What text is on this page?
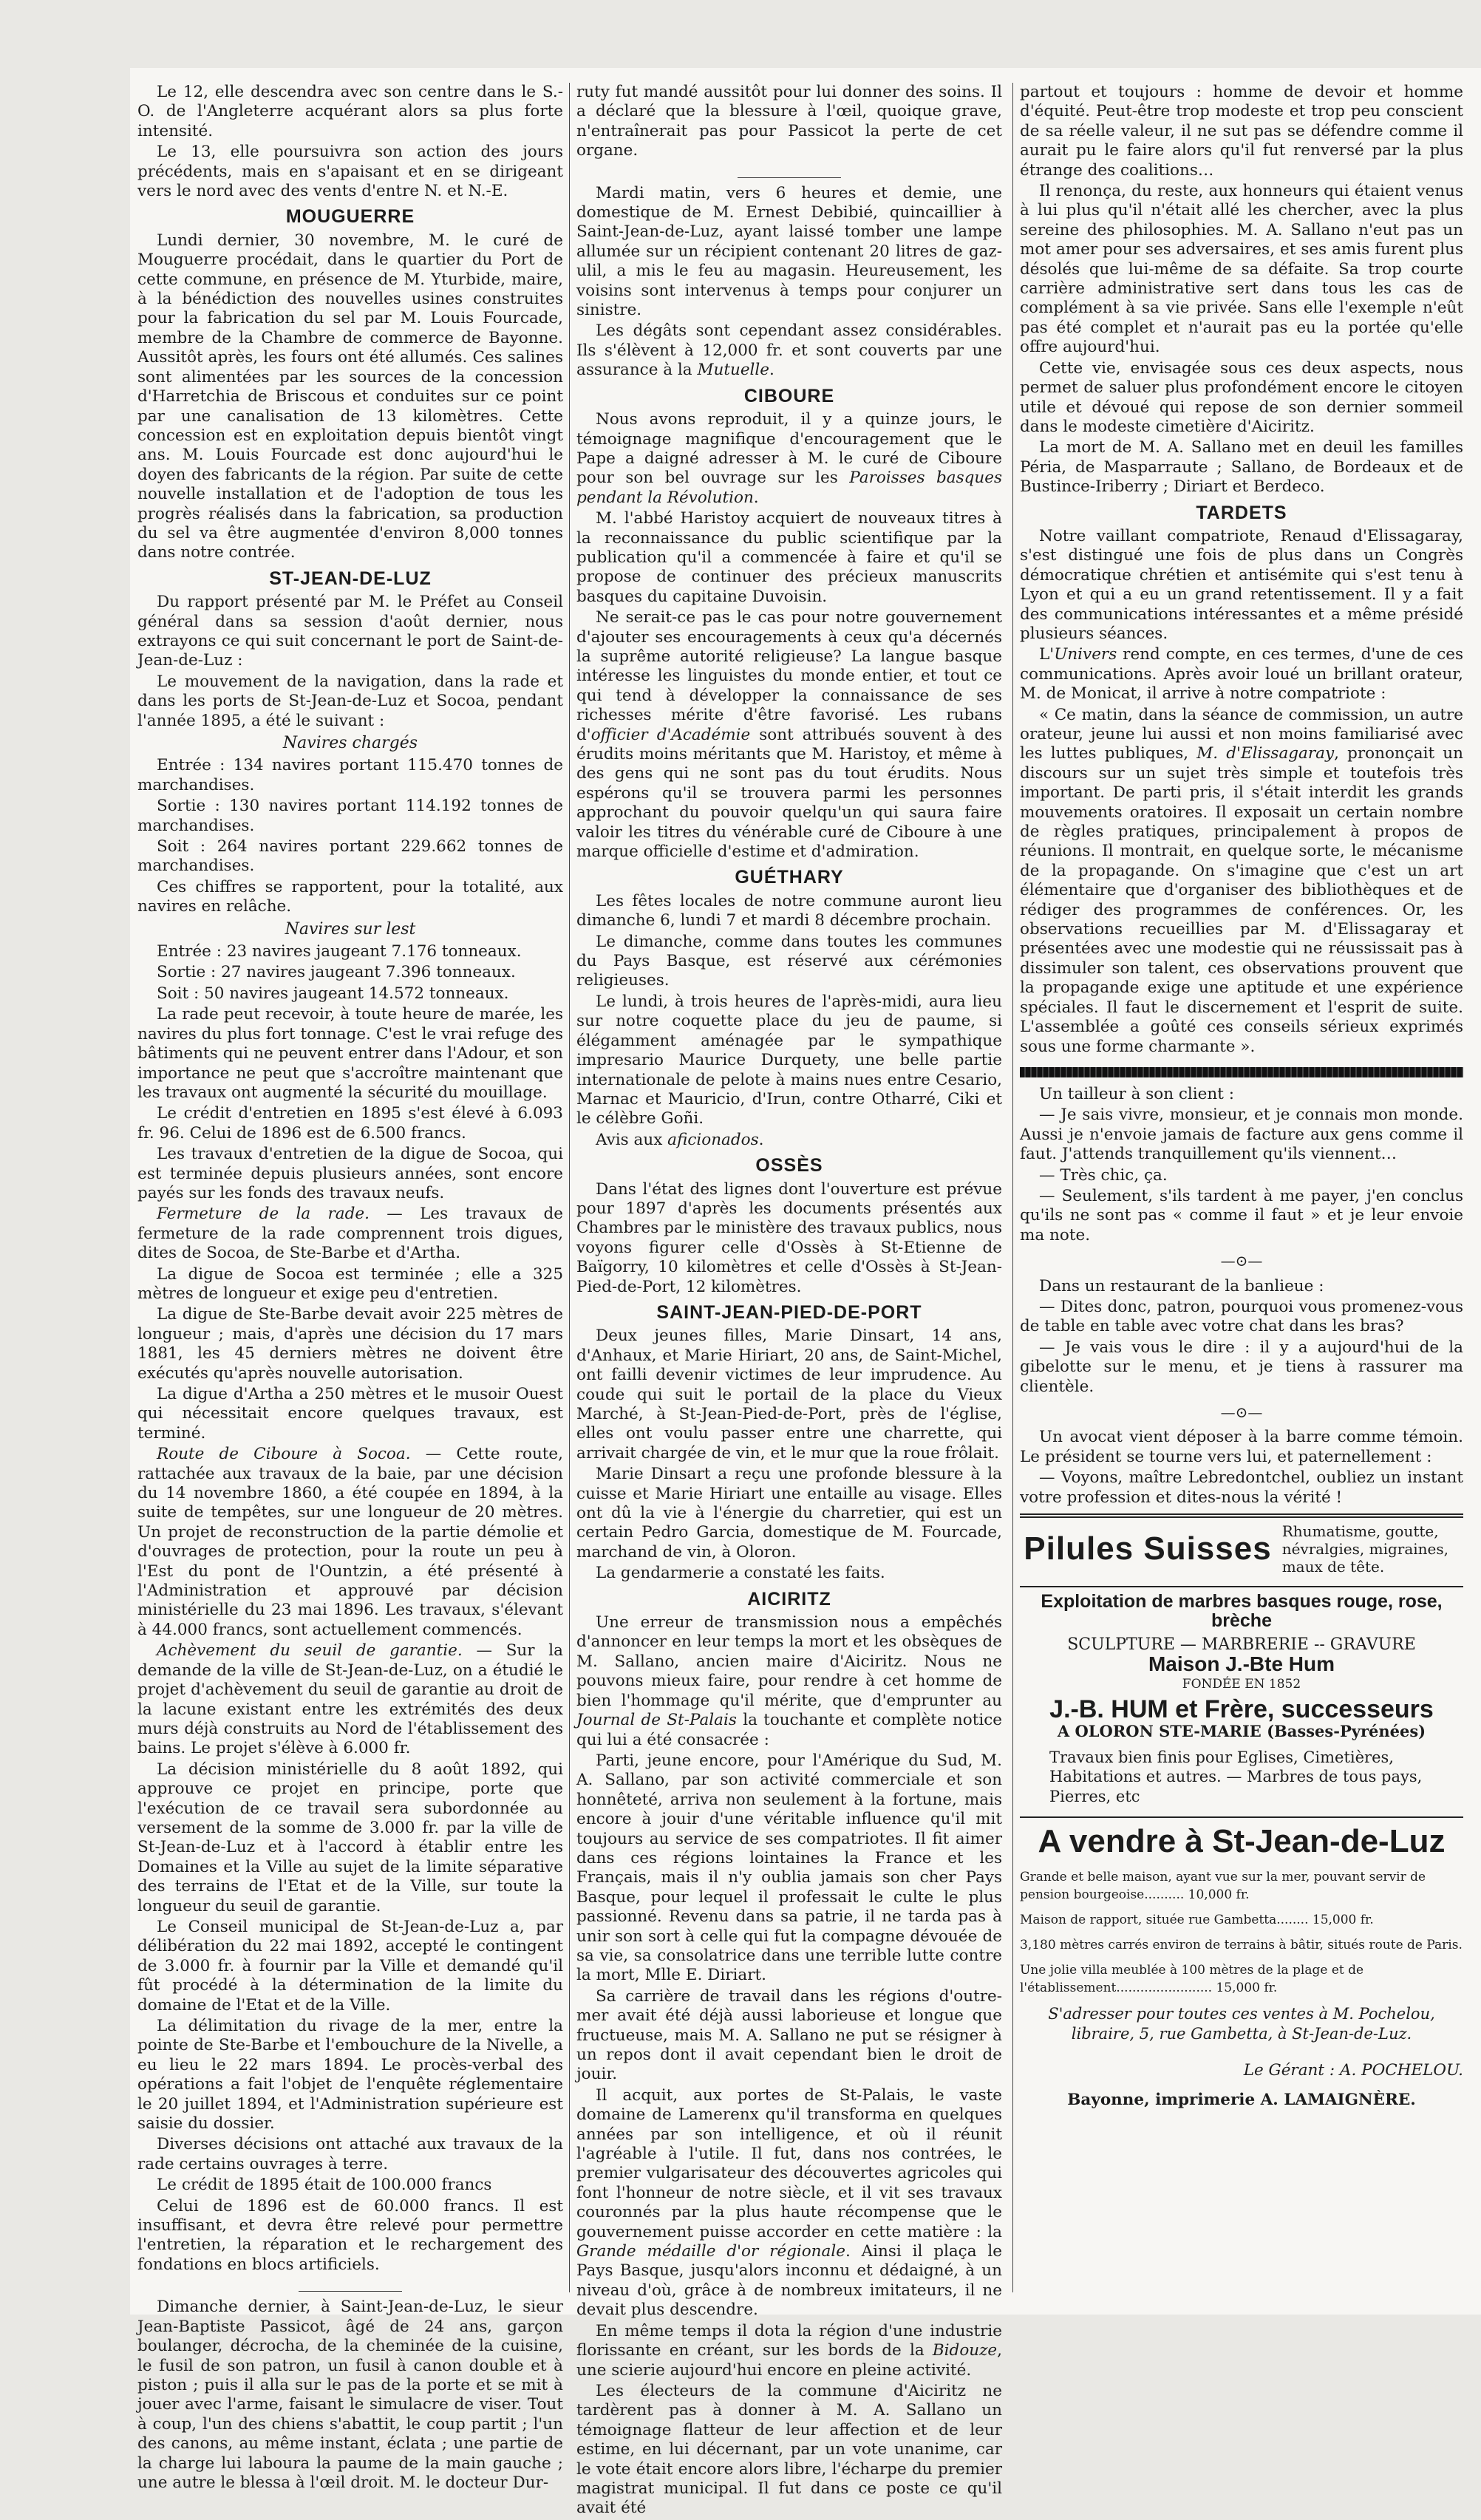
Le 12, elle descendra avec son centre dans le S.-O. de l'Angleterre acquérant alors sa plus forte intensité.

Le 13, elle poursuivra son action des jours précédents, mais en s'apaisant et en se dirigeant vers le nord avec des vents d'entre N. et N.-E.

MOUGUERRE

Lundi dernier, 30 novembre, M. le curé de Mouguerre procédait, dans le quartier du Port de cette commune, en présence de M. Yturbide, maire, à la bénédiction des nouvelles usines construites pour la fabrication du sel par M. Louis Fourcade, membre de la Chambre de commerce de Bayonne. Aussitôt après, les fours ont été allumés. Ces salines sont alimentées par les sources de la concession d'Harretchia de Briscous et conduites sur ce point par une canalisation de 13 kilomètres. Cette concession est en exploitation depuis bientôt vingt ans. M. Louis Fourcade est donc aujourd'hui le doyen des fabricants de la région. Par suite de cette nouvelle installation et de l'adoption de tous les progrès réalisés dans la fabrication, sa production du sel va être augmentée d'environ 8,000 tonnes dans notre contrée.

ST-JEAN-DE-LUZ

Du rapport présenté par M. le Préfet au Conseil général dans sa session d'août dernier, nous extrayons ce qui suit concernant le port de Saint-de-Jean-de-Luz :

Le mouvement de la navigation, dans la rade et dans les ports de St-Jean-de-Luz et Socoa, pendant l'année 1895, a été le suivant :

Navires chargés

Entrée : 134 navires portant 115.470 tonnes de marchandises.

Sortie : 130 navires portant 114.192 tonnes de marchandises.

Soit : 264 navires portant 229.662 tonnes de marchandises.

Ces chiffres se rapportent, pour la totalité, aux navires en relâche.

Navires sur lest

Entrée : 23 navires jaugeant 7.176 tonneaux.

Sortie : 27 navires jaugeant 7.396 tonneaux.

Soit : 50 navires jaugeant 14.572 tonneaux.

La rade peut recevoir, à toute heure de marée, les navires du plus fort tonnage. C'est le vrai refuge des bâtiments qui ne peuvent entrer dans l'Adour, et son importance ne peut que s'accroître maintenant que les travaux ont augmenté la sécurité du mouillage.

Le crédit d'entretien en 1895 s'est élevé à 6.093 fr. 96. Celui de 1896 est de 6.500 francs.

Les travaux d'entretien de la digue de Socoa, qui est terminée depuis plusieurs années, sont encore payés sur les fonds des travaux neufs.

Fermeture de la rade. — Les travaux de fermeture de la rade comprennent trois digues, dites de Socoa, de Ste-Barbe et d'Artha.

La digue de Socoa est terminée ; elle a 325 mètres de longueur et exige peu d'entretien.

La digue de Ste-Barbe devait avoir 225 mètres de longueur ; mais, d'après une décision du 17 mars 1881, les 45 derniers mètres ne doivent être exécutés qu'après nouvelle autorisation.

La digue d'Artha a 250 mètres et le musoir Ouest qui nécessitait encore quelques travaux, est terminé.

Route de Ciboure à Socoa. — Cette route, rattachée aux travaux de la baie, par une décision du 14 novembre 1860, a été coupée en 1894, à la suite de tempêtes, sur une longueur de 20 mètres. Un projet de reconstruction de la partie démolie et d'ouvrages de protection, pour la route un peu à l'Est du pont de l'Ountzin, a été présenté à l'Administration et approuvé par décision ministérielle du 23 mai 1896. Les travaux, s'élevant à 44.000 francs, sont actuellement commencés.

Achèvement du seuil de garantie. — Sur la demande de la ville de St-Jean-de-Luz, on a étudié le projet d'achèvement du seuil de garantie au droit de la lacune existant entre les extrémités des deux murs déjà construits au Nord de l'établissement des bains. Le projet s'élève à 6.000 fr.

La décision ministérielle du 8 août 1892, qui approuve ce projet en principe, porte que l'exécution de ce travail sera subordonnée au versement de la somme de 3.000 fr. par la ville de St-Jean-de-Luz et à l'accord à établir entre les Domaines et la Ville au sujet de la limite séparative des terrains de l'Etat et de la Ville, sur toute la longueur du seuil de garantie.

Le Conseil municipal de St-Jean-de-Luz a, par délibération du 22 mai 1892, accepté le contingent de 3.000 fr. à fournir par la Ville et demandé qu'il fût procédé à la détermination de la limite du domaine de l'Etat et de la Ville.

La délimitation du rivage de la mer, entre la pointe de Ste-Barbe et l'embouchure de la Nivelle, a eu lieu le 22 mars 1894. Le procès-verbal des opérations a fait l'objet de l'enquête réglementaire le 20 juillet 1894, et l'Administration supérieure est saisie du dossier.

Diverses décisions ont attaché aux travaux de la rade certains ouvrages à terre.

Le crédit de 1895 était de 100.000 francs

Celui de 1896 est de 60.000 francs. Il est insuffisant, et devra être relevé pour permettre l'entretien, la réparation et le rechargement des fondations en blocs artificiels.

Dimanche dernier, à Saint-Jean-de-Luz, le sieur Jean-Baptiste Passicot, âgé de 24 ans, garçon boulanger, décrocha, de la cheminée de la cuisine, le fusil de son patron, un fusil à canon double et à piston ; puis il alla sur le pas de la porte et se mit à jouer avec l'arme, faisant le simulacre de viser. Tout à coup, l'un des chiens s'abattit, le coup partit ; l'un des canons, au même instant, éclata ; une partie de la charge lui laboura la paume de la main gauche ; une autre le blessa à l'œil droit. M. le docteur Dur-

ruty fut mandé aussitôt pour lui donner des soins. Il a déclaré que la blessure à l'œil, quoique grave, n'entraînerait pas pour Passicot la perte de cet organe.

Mardi matin, vers 6 heures et demie, une domestique de M. Ernest Debibié, quincaillier à Saint-Jean-de-Luz, ayant laissé tomber une lampe allumée sur un récipient contenant 20 litres de gaz-ulil, a mis le feu au magasin. Heureusement, les voisins sont intervenus à temps pour conjurer un sinistre.

Les dégâts sont cependant assez considérables. Ils s'élèvent à 12,000 fr. et sont couverts par une assurance à la Mutuelle.

CIBOURE

Nous avons reproduit, il y a quinze jours, le témoignage magnifique d'encouragement que le Pape a daigné adresser à M. le curé de Ciboure pour son bel ouvrage sur les Paroisses basques pendant la Révolution.

M. l'abbé Haristoy acquiert de nouveaux titres à la reconnaissance du public scientifique par la publication qu'il a commencée à faire et qu'il se propose de continuer des précieux manuscrits basques du capitaine Duvoisin.

Ne serait-ce pas le cas pour notre gouvernement d'ajouter ses encouragements à ceux qu'a décernés la suprême autorité religieuse? La langue basque intéresse les linguistes du monde entier, et tout ce qui tend à développer la connaissance de ses richesses mérite d'être favorisé. Les rubans d'officier d'Académie sont attribués souvent à des érudits moins méritants que M. Haristoy, et même à des gens qui ne sont pas du tout érudits. Nous espérons qu'il se trouvera parmi les personnes approchant du pouvoir quelqu'un qui saura faire valoir les titres du vénérable curé de Ciboure à une marque officielle d'estime et d'admiration.

GUÉTHARY

Les fêtes locales de notre commune auront lieu dimanche 6, lundi 7 et mardi 8 décembre prochain.

Le dimanche, comme dans toutes les communes du Pays Basque, est réservé aux cérémonies religieuses.

Le lundi, à trois heures de l'après-midi, aura lieu sur notre coquette place du jeu de paume, si élégamment aménagée par le sympathique impresario Maurice Durquety, une belle partie internationale de pelote à mains nues entre Cesario, Marnac et Mauricio, d'Irun, contre Otharré, Ciki et le célèbre Goñi.

Avis aux aficionados.

OSSÈS

Dans l'état des lignes dont l'ouverture est prévue pour 1897 d'après les documents présentés aux Chambres par le ministère des travaux publics, nous voyons figurer celle d'Ossès à St-Etienne de Baïgorry, 10 kilomètres et celle d'Ossès à St-Jean-Pied-de-Port, 12 kilomètres.

SAINT-JEAN-PIED-DE-PORT

Deux jeunes filles, Marie Dinsart, 14 ans, d'Anhaux, et Marie Hiriart, 20 ans, de Saint-Michel, ont failli devenir victimes de leur imprudence. Au coude qui suit le portail de la place du Vieux Marché, à St-Jean-Pied-de-Port, près de l'église, elles ont voulu passer entre une charrette, qui arrivait chargée de vin, et le mur que la roue frôlait.

Marie Dinsart a reçu une profonde blessure à la cuisse et Marie Hiriart une entaille au visage. Elles ont dû la vie à l'énergie du charretier, qui est un certain Pedro Garcia, domestique de M. Fourcade, marchand de vin, à Oloron.

La gendarmerie a constaté les faits.

AICIRITZ

Une erreur de transmission nous a empêchés d'annoncer en leur temps la mort et les obsèques de M. Sallano, ancien maire d'Aiciritz. Nous ne pouvons mieux faire, pour rendre à cet homme de bien l'hommage qu'il mérite, que d'emprunter au Journal de St-Palais la touchante et complète notice qui lui a été consacrée :

Parti, jeune encore, pour l'Amérique du Sud, M. A. Sallano, par son activité commerciale et son honnêteté, arriva non seulement à la fortune, mais encore à jouir d'une véritable influence qu'il mit toujours au service de ses compatriotes. Il fit aimer dans ces régions lointaines la France et les Français, mais il n'y oublia jamais son cher Pays Basque, pour lequel il professait le culte le plus passionné. Revenu dans sa patrie, il ne tarda pas à unir son sort à celle qui fut la compagne dévouée de sa vie, sa consolatrice dans une terrible lutte contre la mort, Mlle E. Diriart.

Sa carrière de travail dans les régions d'outre-mer avait été déjà aussi laborieuse et longue que fructueuse, mais M. A. Sallano ne put se résigner à un repos dont il avait cependant bien le droit de jouir.

Il acquit, aux portes de St-Palais, le vaste domaine de Lamerenx qu'il transforma en quelques années par son intelligence, et où il réunit l'agréable à l'utile. Il fut, dans nos contrées, le premier vulgarisateur des découvertes agricoles qui font l'honneur de notre siècle, et il vit ses travaux couronnés par la plus haute récompense que le gouvernement puisse accorder en cette matière : la Grande médaille d'or régionale. Ainsi il plaça le Pays Basque, jusqu'alors inconnu et dédaigné, à un niveau d'où, grâce à de nombreux imitateurs, il ne devait plus descendre.

En même temps il dota la région d'une industrie florissante en créant, sur les bords de la Bidouze, une scierie aujourd'hui encore en pleine activité.

Les électeurs de la commune d'Aiciritz ne tardèrent pas à donner à M. A. Sallano un témoignage flatteur de leur affection et de leur estime, en lui décernant, par un vote unanime, car le vote était encore alors libre, l'écharpe du premier magistrat municipal. Il fut dans ce poste ce qu'il avait été

partout et toujours : homme de devoir et homme d'équité. Peut-être trop modeste et trop peu conscient de sa réelle valeur, il ne sut pas se défendre comme il aurait pu le faire alors qu'il fut renversé par la plus étrange des coalitions…

Il renonça, du reste, aux honneurs qui étaient venus à lui plus qu'il n'était allé les chercher, avec la plus sereine des philosophies. M. A. Sallano n'eut pas un mot amer pour ses adversaires, et ses amis furent plus désolés que lui-même de sa défaite. Sa trop courte carrière administrative sert dans tous les cas de complément à sa vie privée. Sans elle l'exemple n'eût pas été complet et n'aurait pas eu la portée qu'elle offre aujourd'hui.

Cette vie, envisagée sous ces deux aspects, nous permet de saluer plus profondément encore le citoyen utile et dévoué qui repose de son dernier sommeil dans le modeste cimetière d'Aiciritz.

La mort de M. A. Sallano met en deuil les familles Péria, de Masparraute ; Sallano, de Bordeaux et de Bustince-Iriberry ; Diriart et Berdeco.

TARDETS

Notre vaillant compatriote, Renaud d'Elissagaray, s'est distingué une fois de plus dans un Congrès démocratique chrétien et antisémite qui s'est tenu à Lyon et qui a eu un grand retentissement. Il y a fait des communications intéressantes et a même présidé plusieurs séances.

L'Univers rend compte, en ces termes, d'une de ces communications. Après avoir loué un brillant orateur, M. de Monicat, il arrive à notre compatriote :

« Ce matin, dans la séance de commission, un autre orateur, jeune lui aussi et non moins familiarisé avec les luttes publiques, M. d'Elissagaray, prononçait un discours sur un sujet très simple et toutefois très important. De parti pris, il s'était interdit les grands mouvements oratoires. Il exposait un certain nombre de règles pratiques, principalement à propos de réunions. Il montrait, en quelque sorte, le mécanisme de la propagande. On s'imagine que c'est un art élémentaire que d'organiser des bibliothèques et de rédiger des programmes de conférences. Or, les observations recueillies par M. d'Elissagaray et présentées avec une modestie qui ne réussissait pas à dissimuler son talent, ces observations prouvent que la propagande exige une aptitude et une expérience spéciales. Il faut le discernement et l'esprit de suite. L'assemblée a goûté ces conseils sérieux exprimés sous une forme charmante ».

Un tailleur à son client :

— Je sais vivre, monsieur, et je connais mon monde. Aussi je n'envoie jamais de facture aux gens comme il faut. J'attends tranquillement qu'ils viennent…

— Très chic, ça.

— Seulement, s'ils tardent à me payer, j'en conclus qu'ils ne sont pas « comme il faut » et je leur envoie ma note.

—⊙—

Dans un restaurant de la banlieue :

— Dites donc, patron, pourquoi vous promenez-vous de table en table avec votre chat dans les bras?

— Je vais vous le dire : il y a aujourd'hui de la gibelotte sur le menu, et je tiens à rassurer ma clientèle.

—⊙—

Un avocat vient déposer à la barre comme témoin. Le président se tourne vers lui, et paternellement :

— Voyons, maître Lebredontchel, oubliez un instant votre profession et dites-nous la vérité !

Pilules Suisses Rhumatisme, goutte, névralgies, migraines, maux de tête.
Exploitation de marbres basques rouge, rose, brèche
SCULPTURE — MARBRERIE -- GRAVURE
Maison J.-Bte Hum
FONDÉE EN 1852
J.-B. HUM et Frère, successeurs
A OLORON STE-MARIE (Basses-Pyrénées)
Travaux bien finis pour Eglises, Cimetières, Habitations et autres. — Marbres de tous pays, Pierres, etc
A vendre à St-Jean-de-Luz
Grande et belle maison, ayant vue sur la mer, pouvant servir de pension bourgeoise.......... 10,000 fr.
Maison de rapport, située rue Gambetta........ 15,000 fr.
3,180 mètres carrés environ de terrains à bâtir, situés route de Paris.
Une jolie villa meublée à 100 mètres de la plage et de l'établissement........................ 15,000 fr.
S'adresser pour toutes ces ventes à M. Pochelou, libraire, 5, rue Gambetta, à St-Jean-de-Luz.

Le Gérant : A. POCHELOU.

Bayonne, imprimerie A. LAMAIGNÈRE.
